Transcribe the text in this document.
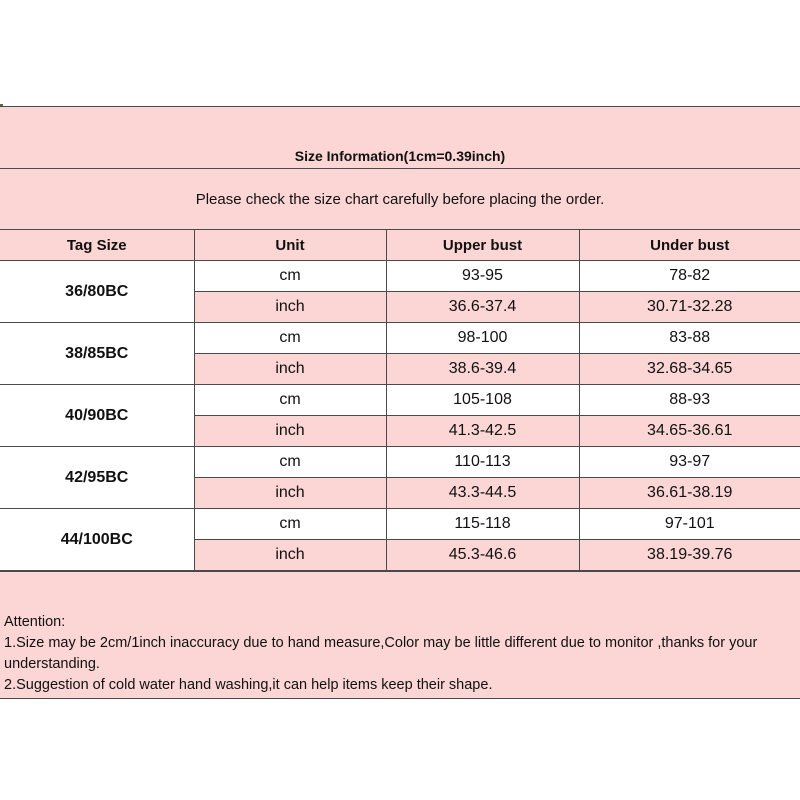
Size Information(1cm=0.39inch)
Please check the size chart carefully before placing the order.
Tag Size	Unit	Upper bust	Under bust
36/80BC	cm	93-95	78-82
	inch	36.6-37.4	30.71-32.28
38/85BC	cm	98-100	83-88
	inch	38.6-39.4	32.68-34.65
40/90BC	cm	105-108	88-93
	inch	41.3-42.5	34.65-36.61
42/95BC	cm	110-113	93-97
	inch	43.3-44.5	36.61-38.19
44/100BC	cm	115-118	97-101
	inch	45.3-46.6	38.19-39.76

Attention:

1.Size may be 2cm/1inch inaccuracy due to hand measure,Color may be little different due to monitor ,thanks for your understanding.

2.Suggestion of cold water hand washing,it can help items keep their shape.
